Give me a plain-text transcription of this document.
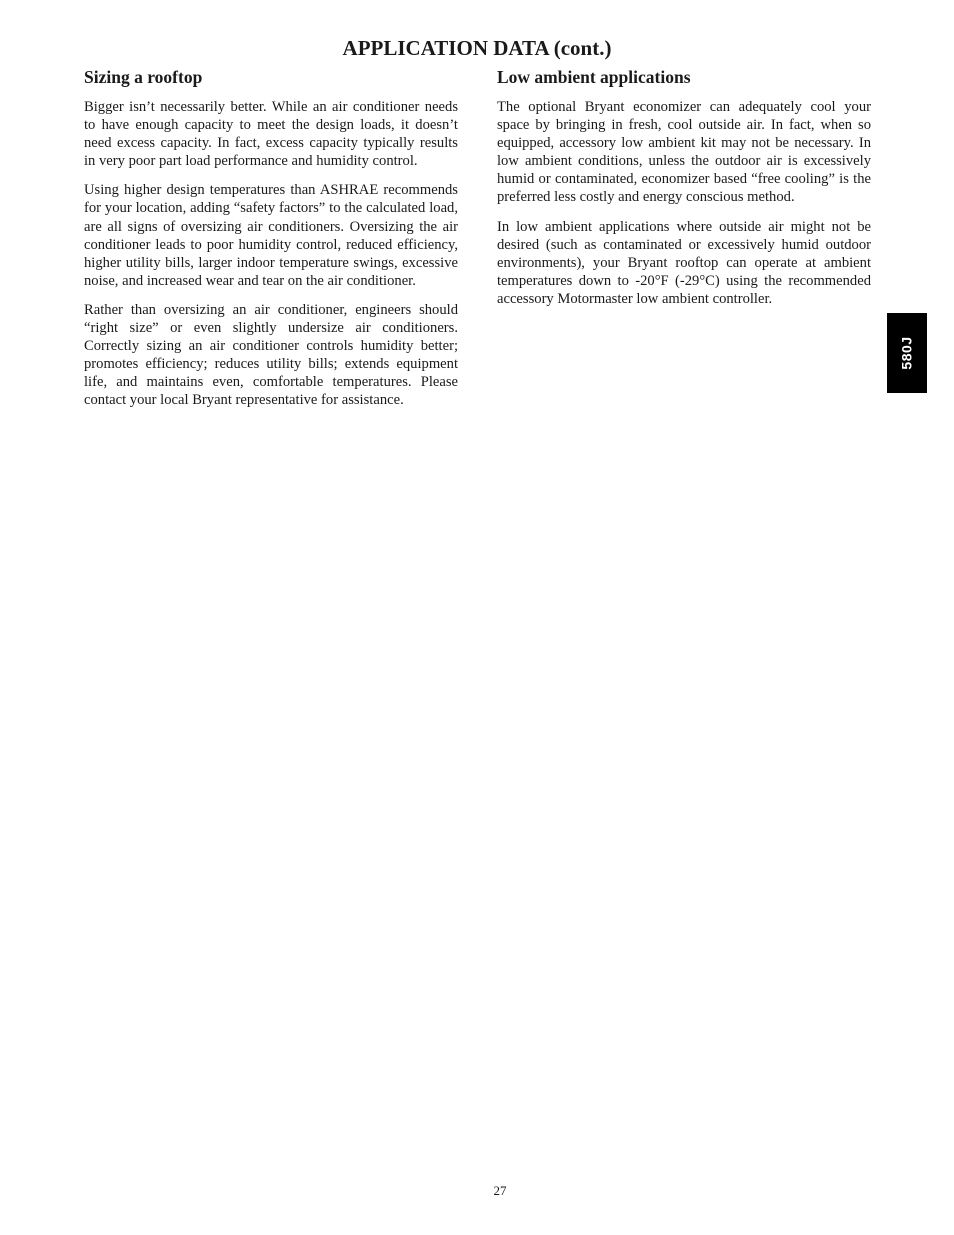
APPLICATION DATA (cont.)
Sizing a rooftop

Bigger isn’t necessarily better. While an air conditioner needs to have enough capacity to meet the design loads, it doesn’t need excess capacity. In fact, excess capacity typically results in very poor part load performance and humidity control.

Using higher design temperatures than ASHRAE recommends for your location, adding “safety factors” to the calculated load, are all signs of oversizing air conditioners. Oversizing the air conditioner leads to poor humidity control, reduced efficiency, higher utility bills, larger indoor temperature swings, excessive noise, and increased wear and tear on the air conditioner.

Rather than oversizing an air conditioner, engineers should “right size” or even slightly undersize air conditioners. Correctly sizing an air conditioner controls humidity better; promotes efficiency; reduces utility bills; extends equipment life, and maintains even, comfortable temperatures. Please contact your local Bryant representative for assistance.

Low ambient applications

The optional Bryant economizer can adequately cool your space by bringing in fresh, cool outside air. In fact, when so equipped, accessory low ambient kit may not be necessary. In low ambient conditions, unless the outdoor air is excessively humid or contaminated, economizer based “free cooling” is the preferred less costly and energy conscious method.

In low ambient applications where outside air might not be desired (such as contaminated or excessively humid outdoor environments), your Bryant rooftop can operate at ambient temperatures down to -20°F (-29°C) using the recommended accessory Motormaster low ambient controller.

580J
27
